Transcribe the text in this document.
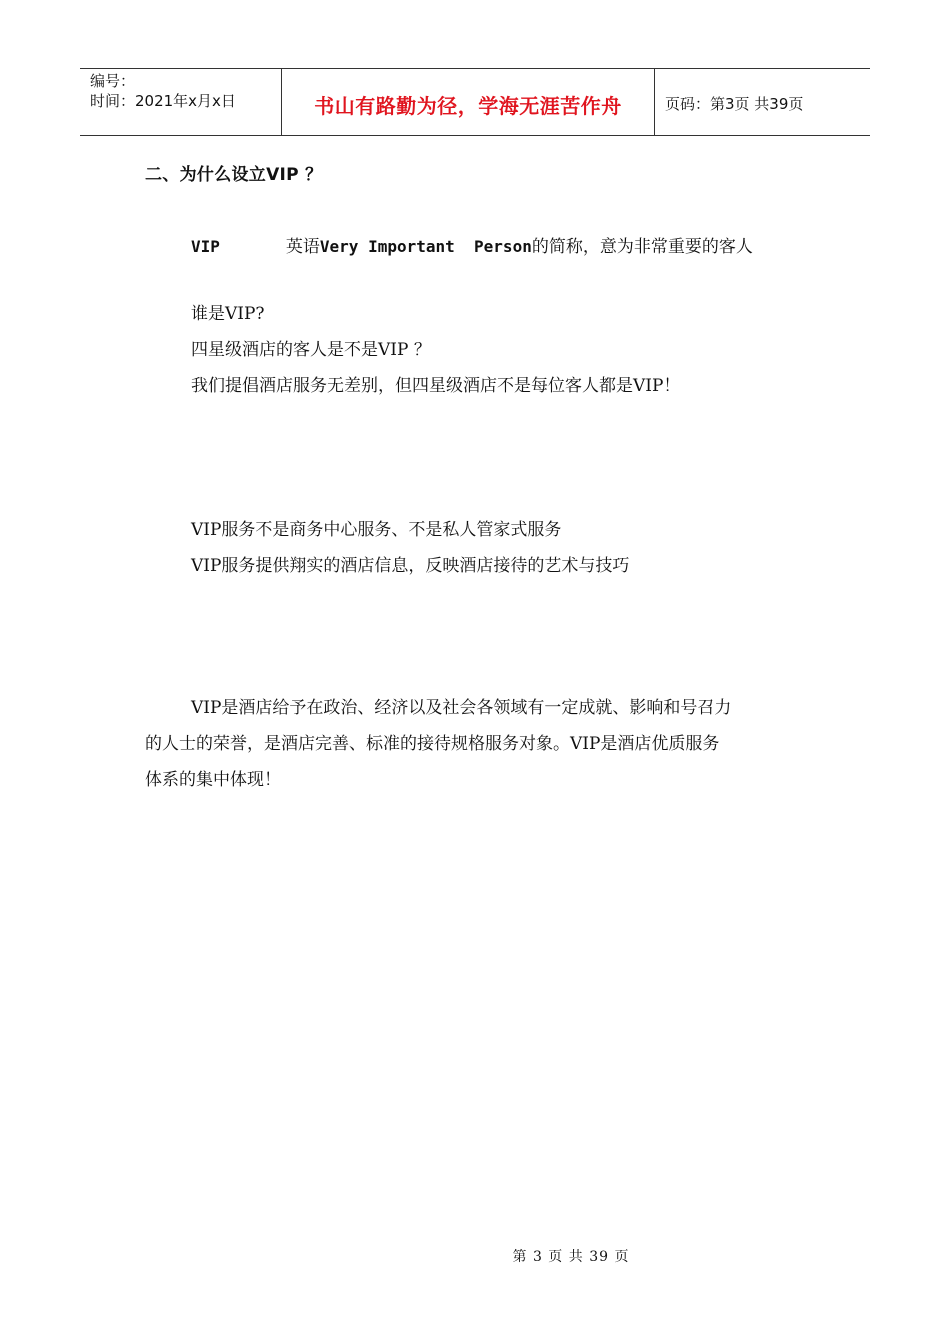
编号：
时间：2021年x月x日	书山有路勤为径，学海无涯苦作舟	页码：第3页 共39页
二、为什么设立VIP ？
VIP	英语Very Important  Person的简称，意为非常重要的客人
谁是VIP?
四星级酒店的客人是不是VIP ？
我们提倡酒店服务无差别，但四星级酒店不是每位客人都是VIP！
VIP服务不是商务中心服务、不是私人管家式服务
VIP服务提供翔实的酒店信息，反映酒店接待的艺术与技巧
VIP是酒店给予在政治、经济以及社会各领域有一定成就、影响和号召力
的人士的荣誉，是酒店完善、标准的接待规格服务对象。VIP是酒店优质服务
体系的集中体现！
第 3 页 共 39 页
